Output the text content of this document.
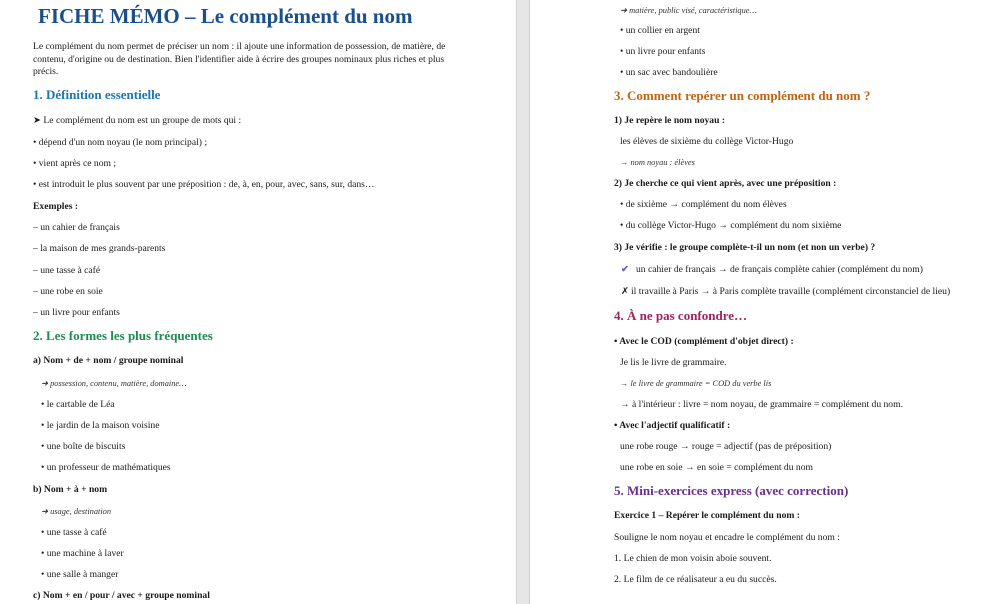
FICHE MÉMO – Le complément du nom
Le complément du nom permet de préciser un nom : il ajoute une information de possession, de matière, de contenu, d'origine ou de destination. Bien l'identifier aide à écrire des groupes nominaux plus riches et plus précis.
1. Définition essentielle
➤ Le complément du nom est un groupe de mots qui :
• dépend d'un nom noyau (le nom principal) ;
• vient après ce nom ;
• est introduit le plus souvent par une préposition : de, à, en, pour, avec, sans, sur, dans…
Exemples :
– un cahier de français
– la maison de mes grands-parents
– une tasse à café
– une robe en soie
– un livre pour enfants
2. Les formes les plus fréquentes
a) Nom + de + nom / groupe nominal
➜ possession, contenu, matière, domaine…
• le cartable de Léa
• le jardin de la maison voisine
• une boîte de biscuits
• un professeur de mathématiques
b) Nom + à + nom
➜ usage, destination
• une tasse à café
• une machine à laver
• une salle à manger
c) Nom + en / pour / avec + groupe nominal
➜ matière, public visé, caractéristique…
• un collier en argent
• un livre pour enfants
• un sac avec bandoulière
3. Comment repérer un complément du nom ?
1) Je repère le nom noyau :
les élèves de sixième du collège Victor-Hugo
→ nom noyau : élèves
2) Je cherche ce qui vient après, avec une préposition :
• de sixième → complément du nom élèves
• du collège Victor-Hugo → complément du nom sixième
3) Je vérifie : le groupe complète-t-il un nom (et non un verbe) ?
✔ un cahier de français → de français complète cahier (complément du nom)
✗ il travaille à Paris → à Paris complète travaille (complément circonstanciel de lieu)
4. À ne pas confondre…
• Avec le COD (complément d'objet direct) :
Je lis le livre de grammaire.
→ le livre de grammaire = COD du verbe lis
→ à l'intérieur : livre = nom noyau, de grammaire = complément du nom.
• Avec l'adjectif qualificatif :
une robe rouge → rouge = adjectif (pas de préposition)
une robe en soie → en soie = complément du nom
5. Mini-exercices express (avec correction)
Exercice 1 – Repérer le complément du nom :
Souligne le nom noyau et encadre le complément du nom :
1. Le chien de mon voisin aboie souvent.
2. Le film de ce réalisateur a eu du succès.
